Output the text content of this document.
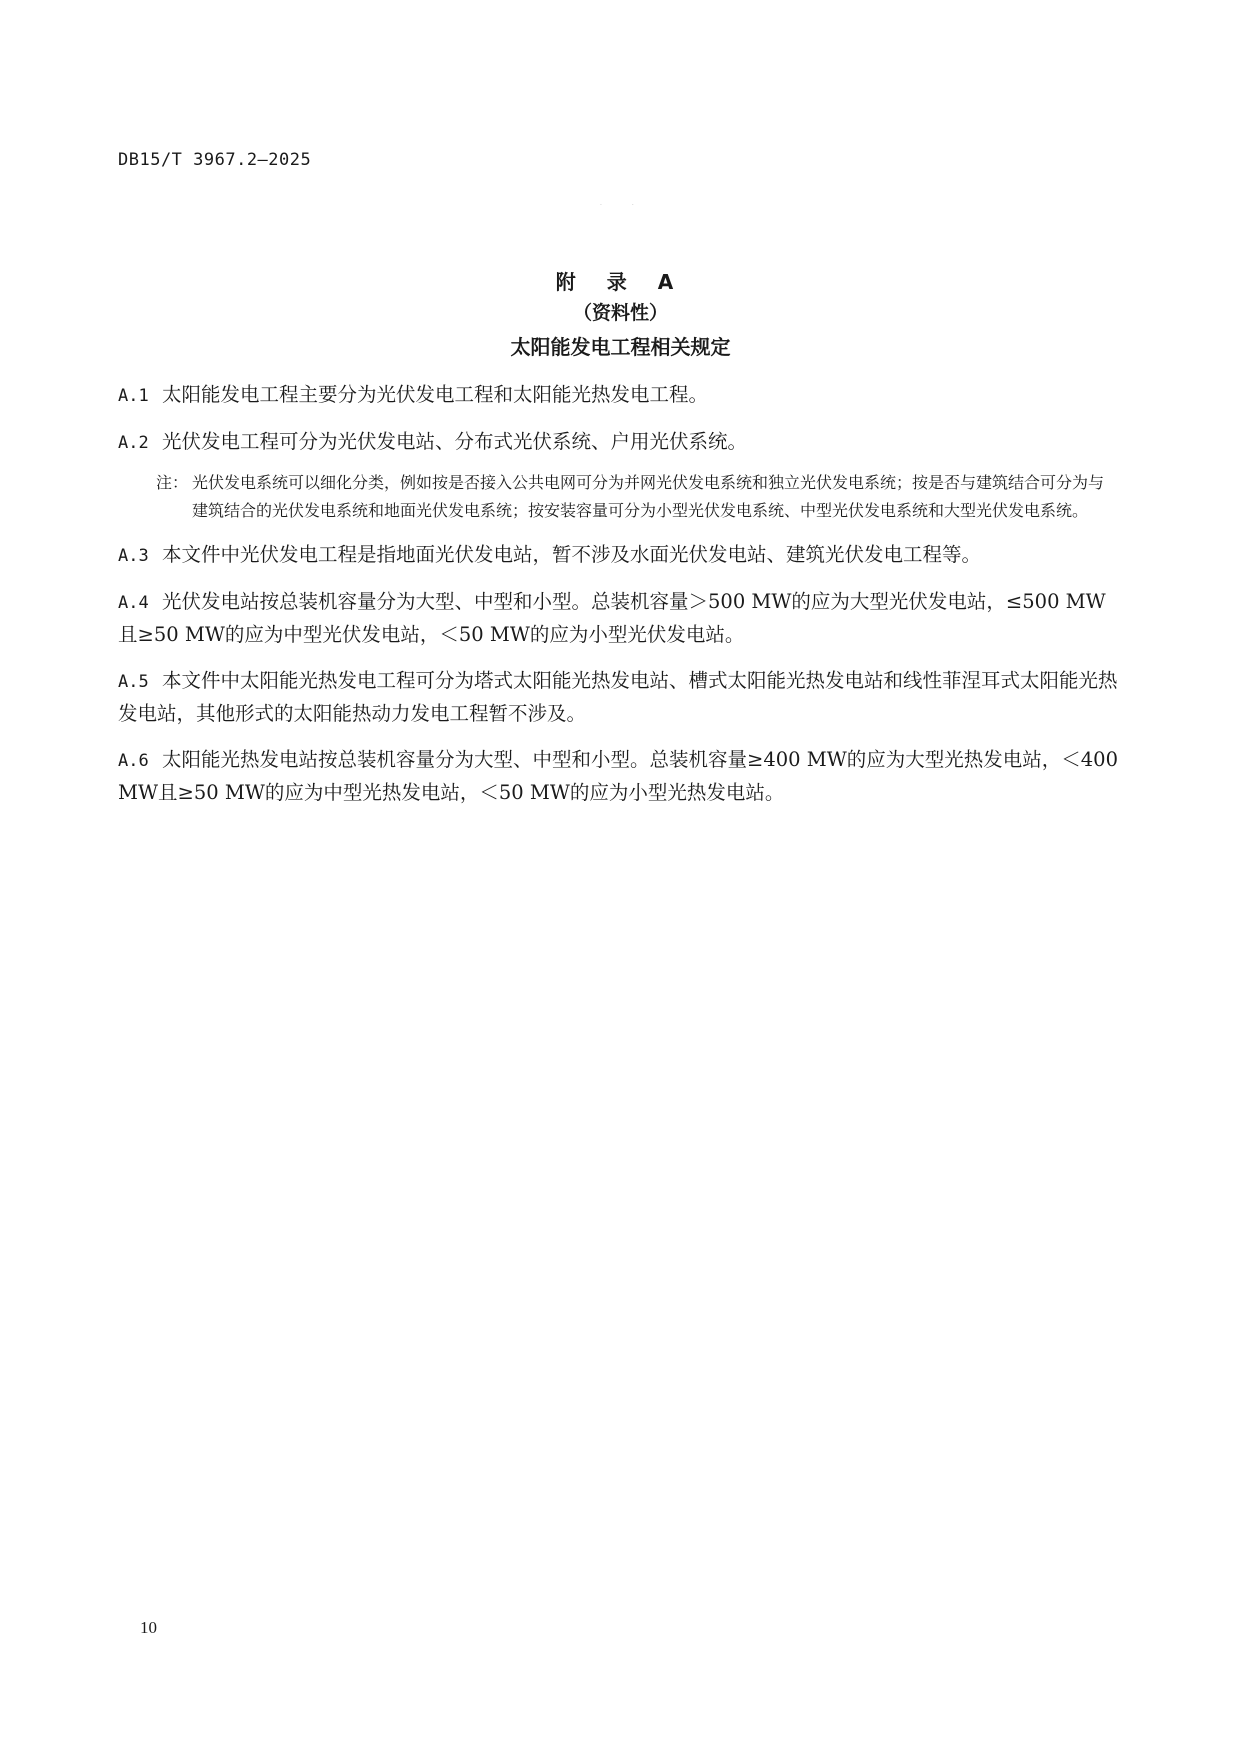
DB15/T 3967.2—2025
· ·
附 录 A
（资料性）
太阳能发电工程相关规定

A.1 太阳能发电工程主要分为光伏发电工程和太阳能光热发电工程。

A.2 光伏发电工程可分为光伏发电站、分布式光伏系统、户用光伏系统。

注： 光伏发电系统可以细化分类，例如按是否接入公共电网可分为并网光伏发电系统和独立光伏发电系统；按是否与建筑结合可分为与建筑结合的光伏发电系统和地面光伏发电系统；按安装容量可分为小型光伏发电系统、中型光伏发电系统和大型光伏发电系统。

A.3 本文件中光伏发电工程是指地面光伏发电站，暂不涉及水面光伏发电站、建筑光伏发电工程等。

A.4 光伏发电站按总装机容量分为大型、中型和小型。总装机容量＞500 MW的应为大型光伏发电站，≤500 MW且≥50 MW的应为中型光伏发电站，＜50 MW的应为小型光伏发电站。

A.5 本文件中太阳能光热发电工程可分为塔式太阳能光热发电站、槽式太阳能光热发电站和线性菲涅耳式太阳能光热发电站，其他形式的太阳能热动力发电工程暂不涉及。

A.6 太阳能光热发电站按总装机容量分为大型、中型和小型。总装机容量≥400 MW的应为大型光热发电站，＜400 MW且≥50 MW的应为中型光热发电站，＜50 MW的应为小型光热发电站。

10
